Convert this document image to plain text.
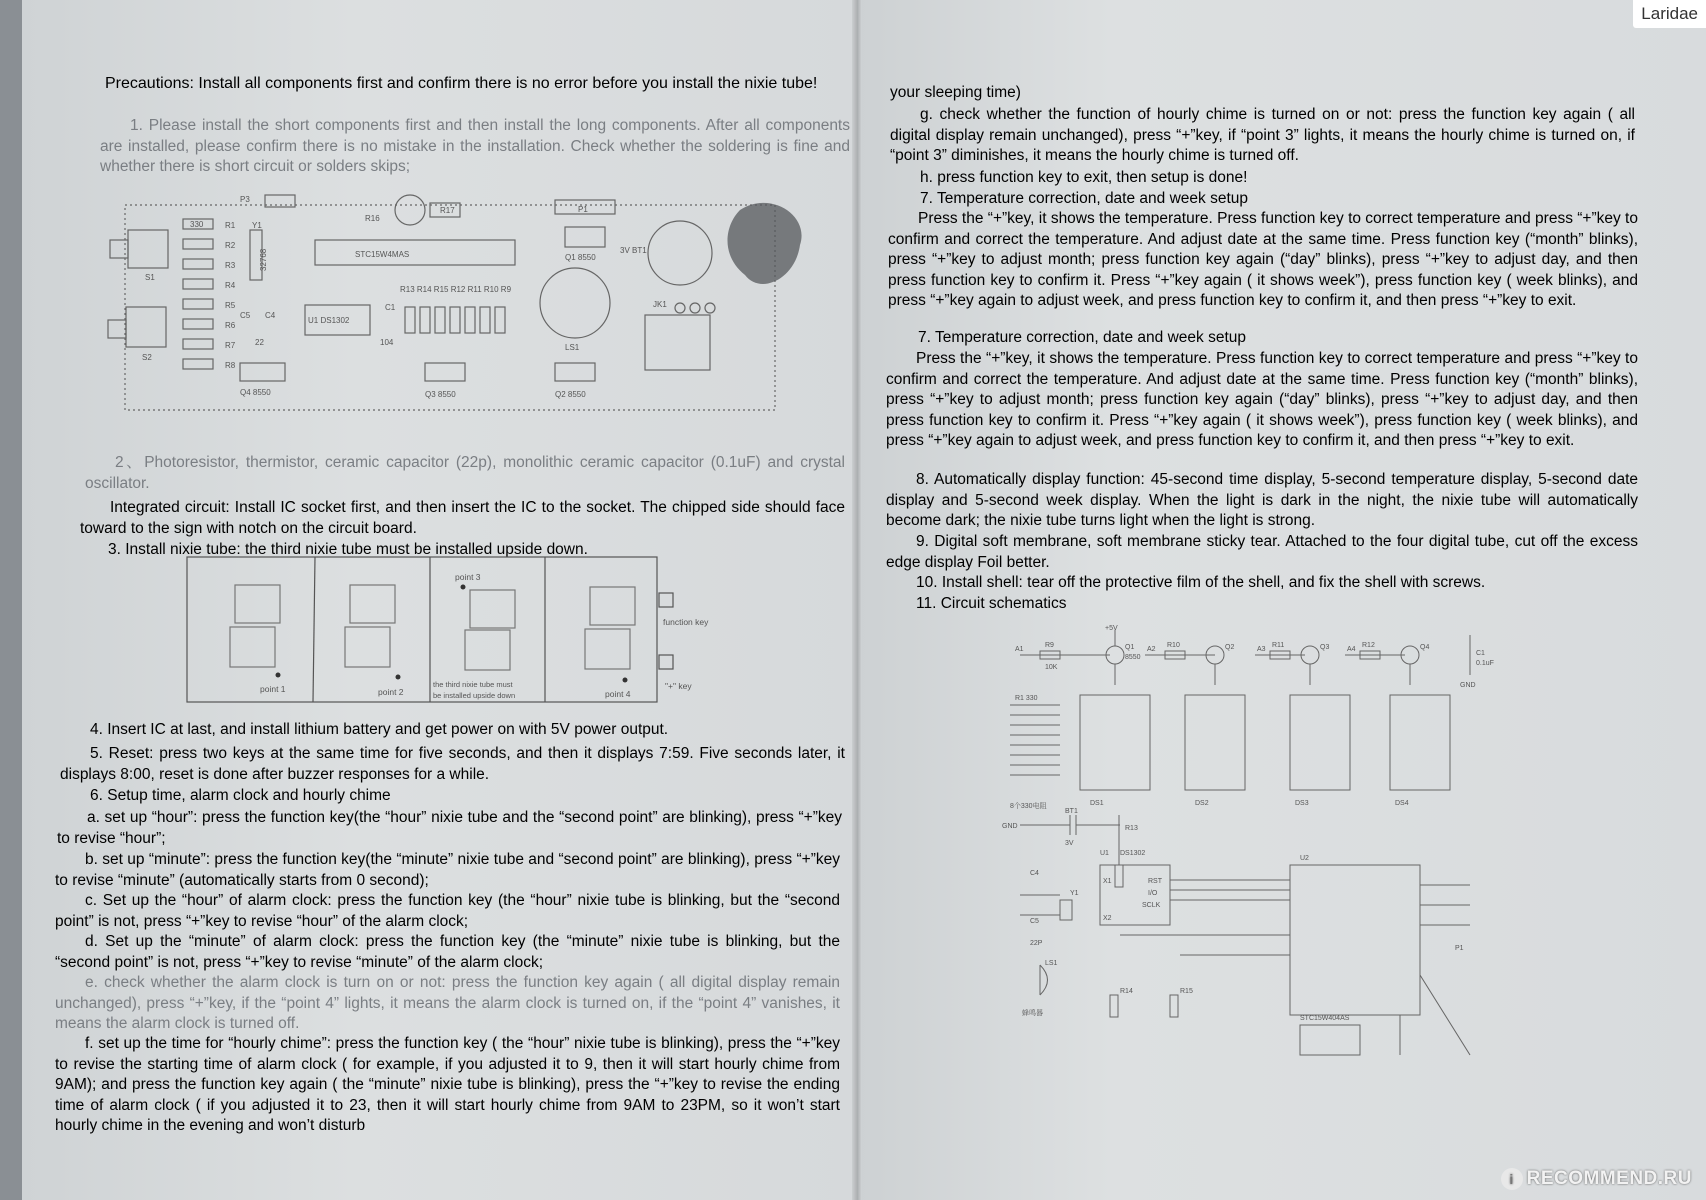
Precautions: Install all components first and confirm there is no error before you install the nixie tube!
1. Please install the short components first and then install the long components. After all components are installed, please confirm there is no mistake in the installation. Check whether the soldering is fine and whether there is short circuit or solders skips;
P3
R16
R17	P1
R1
R2
R3
R4
R5
R6
R7
R8
330	Y1
32768	STC15W4MAS	Q1 8550
3V BT1
S1
S2
C5 C4
22
U1 DS1302
C1
104
R13 R14 R15 R12 R11 R10 R9
JK1
LS1
Q4 8550	Q3 8550	Q2 8550
2、Photoresistor, thermistor, ceramic capacitor (22p), monolithic ceramic capacitor (0.1uF) and crystal oscillator.
Integrated circuit: Install IC socket first, and then insert the IC to the socket. The chipped side should face toward to the sign with notch on the circuit board.
3. Install nixie tube: the third nixie tube must be installed upside down.
point 1	point 2
point 3
point 4
the third nixie tube must
be installed upside down
function key
"+" key
4. Insert IC at last, and install lithium battery and get power on with 5V power output.
5. Reset: press two keys at the same time for five seconds, and then it displays 7:59. Five seconds later, it displays 8:00, reset is done after buzzer responses for a while.
6. Setup time, alarm clock and hourly chime
a. set up “hour”: press the function key(the “hour” nixie tube and the “second point” are blinking), press “+”key to revise “hour”;
b. set up “minute”: press the function key(the “minute” nixie tube and “second point” are blinking), press “+”key to revise “minute” (automatically starts from 0 second);
c. Set up the “hour” of alarm clock: press the function key (the “hour” nixie tube is blinking, but the “second point” is not, press “+”key to revise “hour” of the alarm clock;
d. Set up the “minute” of alarm clock: press the function key (the “minute” nixie tube is blinking, but the “second point” is not, press “+”key to revise “minute” of the alarm clock;
e. check whether the alarm clock is turn on or not: press the function key again ( all digital display remain unchanged), press “+”key, if the “point 4” lights, it means the alarm clock is turned on, if the “point 4” vanishes, it means the alarm clock is turned off.
f. set up the time for “hourly chime”: press the function key ( the “hour” nixie tube is blinking), press the “+”key to revise the starting time of alarm clock ( for example, if you adjusted it to 9, then it will start hourly chime from 9AM); and press the function key again ( the “minute” nixie tube is blinking), press the “+”key to revise the ending time of alarm clock ( if you adjusted it to 23, then it will start hourly chime from 9AM to 23PM, so it won’t start hourly chime in the evening and won’t disturb
your sleeping time)
g. check whether the function of hourly chime is turned on or not: press the function key again ( all digital display remain unchanged), press “+”key, if “point 3” lights, it means the hourly chime is turned on, if “point 3” diminishes, it means the hourly chime is turned off.
h. press function key to exit, then setup is done!
7. Temperature correction, date and week setup
Press the “+”key, it shows the temperature. Press function key to correct temperature and press “+”key to confirm and correct the temperature. And adjust date at the same time. Press function key (“month” blinks), press “+”key to adjust month; press function key again (“day” blinks), press “+”key to adjust day, and then press function key to confirm it. Press “+”key again ( it shows week”), press function key ( week blinks), and press “+”key again to adjust week, and press function key to confirm it, and then press “+”key to exit.
7. Temperature correction, date and week setup
Press the “+”key, it shows the temperature. Press function key to correct temperature and press “+”key to confirm and correct the temperature. And adjust date at the same time. Press function key (“month” blinks), press “+”key to adjust month; press function key again (“day” blinks), press “+”key to adjust day, and then press function key to confirm it. Press “+”key again ( it shows week”), press function key ( week blinks), and press “+”key again to adjust week, and press function key to confirm it, and then press “+”key to exit.
8. Automatically display function: 45-second time display, 5-second temperature display, 5-second date display and 5-second week display. When the light is dark in the night, the nixie tube will automatically become dark; the nixie tube turns light when the light is strong.
9. Digital soft membrane, soft membrane sticky tear. Attached to the four digital tube, cut off the excess edge display Foil better.
10. Install shell: tear off the protective film of the shell, and fix the shell with screws.
11. Circuit schematics
+5V
A1
R9
10K
Q1
8550
A2
R10	Q2	A3
R11	Q3	A4
R12	Q4
C1
0.1uF
GND
R1 330
8个330电阻	DS1	DS2	DS3	DS4
GND
BT1
3V
U1 DS1302
RST
I/O
SCLK
X1
X2
Y1
C4
C5
22P
R13
U2
STC15W404AS
LS1
蜂鸣器
R14	R15
P1
Laridae
i RECOMMEND.RU
